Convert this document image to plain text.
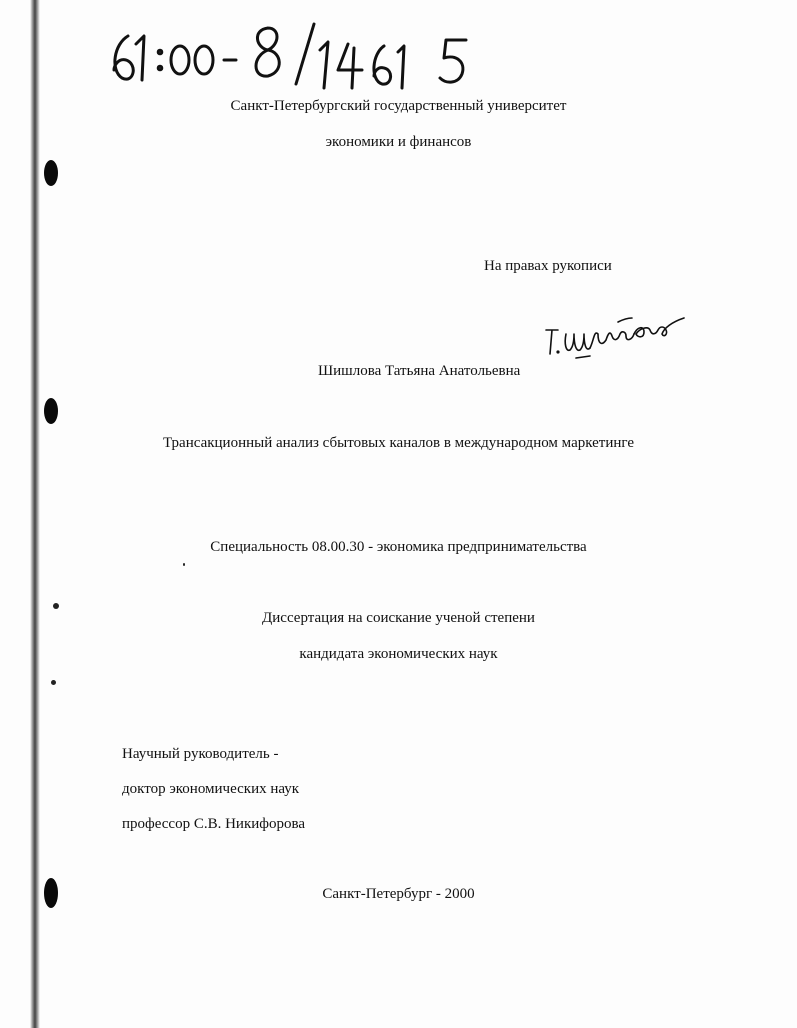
Санкт-Петербургский государственный университет
экономики и финансов
На правах рукописи
Шишлова Татьяна Анатольевна
Трансакционный анализ сбытовых каналов в международном маркетинге
Специальность 08.00.30 - экономика предпринимательства
Диссертация на соискание ученой степени
кандидата экономических наук
Научный руководитель -
доктор экономических наук
профессор С.В. Никифорова
Санкт-Петербург - 2000
